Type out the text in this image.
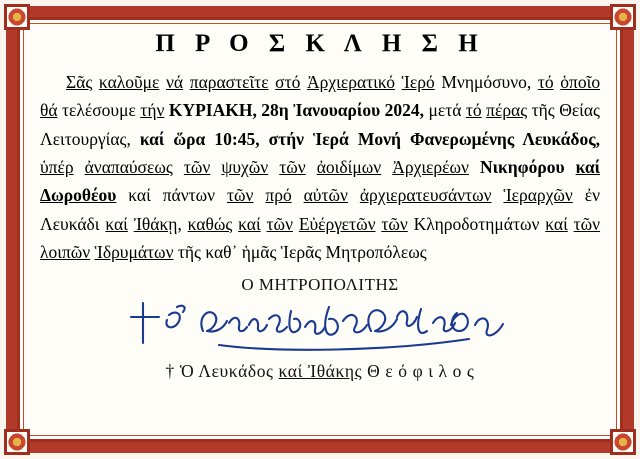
Π Ρ Ο Σ Κ Λ Η Σ Η
Σᾶς καλοῦμε νά παραστεῖτε στό Ἀρχιερατικό Ἱερό Μνημόσυνο, τό ὁποῖο θά τελέσουμε τήν ΚΥΡΙΑΚΗ, 28η Ἰανουαρίου 2024, μετά τό πέρας τῆς Θείας Λειτουργίας, καί ὥρα 10:45, στήν Ἱερά Μονή Φανερωμένης Λευκάδος, ὑπέρ ἀναπαύσεως τῶν ψυχῶν τῶν ἀοιδίμων Ἀρχιερέων Νικηφόρου καί Δωροθέου καί πάντων τῶν πρό αὐτῶν ἀρχιερατευσάντων Ἱεραρχῶν ἐν Λευκάδι καί Ἰθάκῃ, καθώς καί τῶν Εὐέργετῶν τῶν Κληροδοτημάτων καί τῶν λοιπῶν Ἱδρυμάτων τῆς καθ᾿ ἡμᾶς Ἱερᾶς Μητροπόλεως
Ο ΜΗΤΡΟΠΟΛΙΤΗΣ
† Ὁ Λευκάδος καί Ἰθάκης Θ ε ό φ ι λ ο ς
